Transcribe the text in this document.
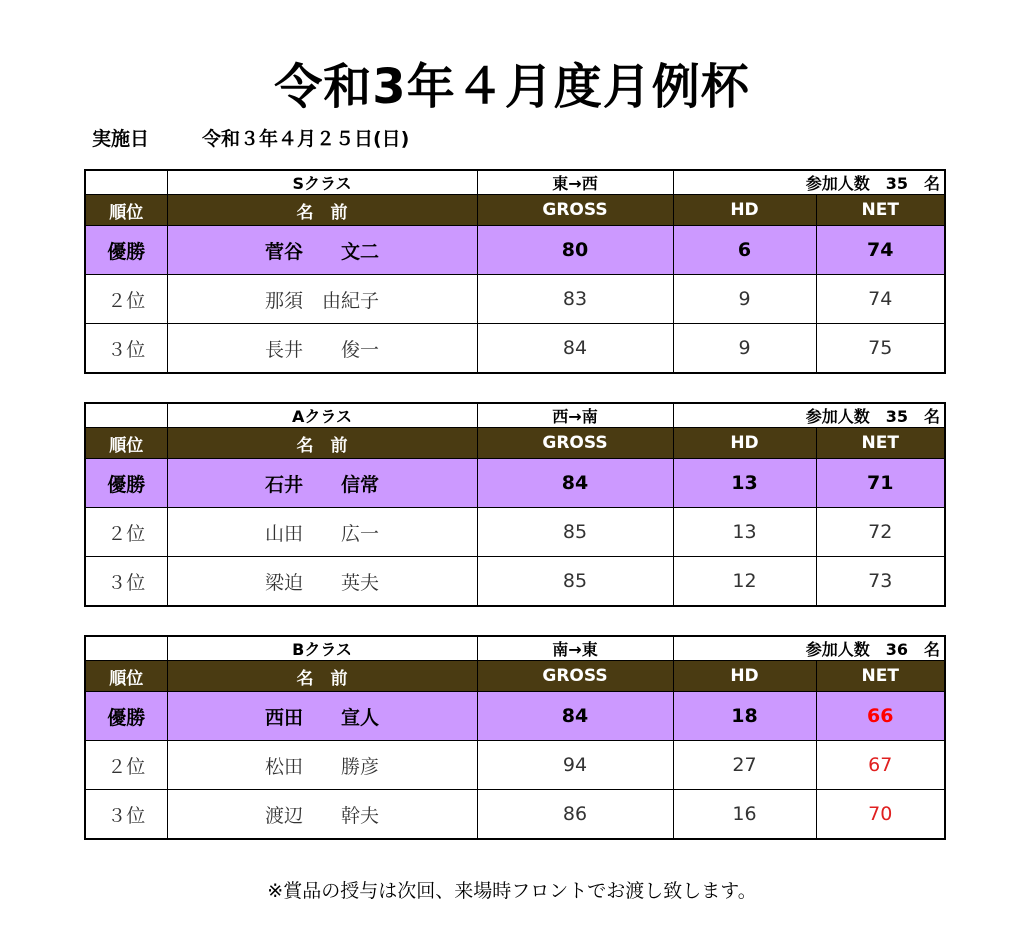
令和3年４月度月例杯
実施日	令和３年４月２５日(日)
	Sクラス	東→西	参加人数　35　名	
順位	名　前	GROSS	HD	NET
優勝	菅谷　　文二	80	6	74
２位	那須　由紀子	83	9	74
３位	長井　　俊一	84	9	75
	Aクラス	西→南	参加人数　35　名	
順位	名　前	GROSS	HD	NET
優勝	石井　　信常	84	13	71
２位	山田　　広一	85	13	72
３位	梁迫　　英夫	85	12	73
	Bクラス	南→東	参加人数　36　名	
順位	名　前	GROSS	HD	NET
優勝	西田　　宣人	84	18	66
２位	松田　　勝彦	94	27	67
３位	渡辺　　幹夫	86	16	70
※賞品の授与は次回、来場時フロントでお渡し致します。
